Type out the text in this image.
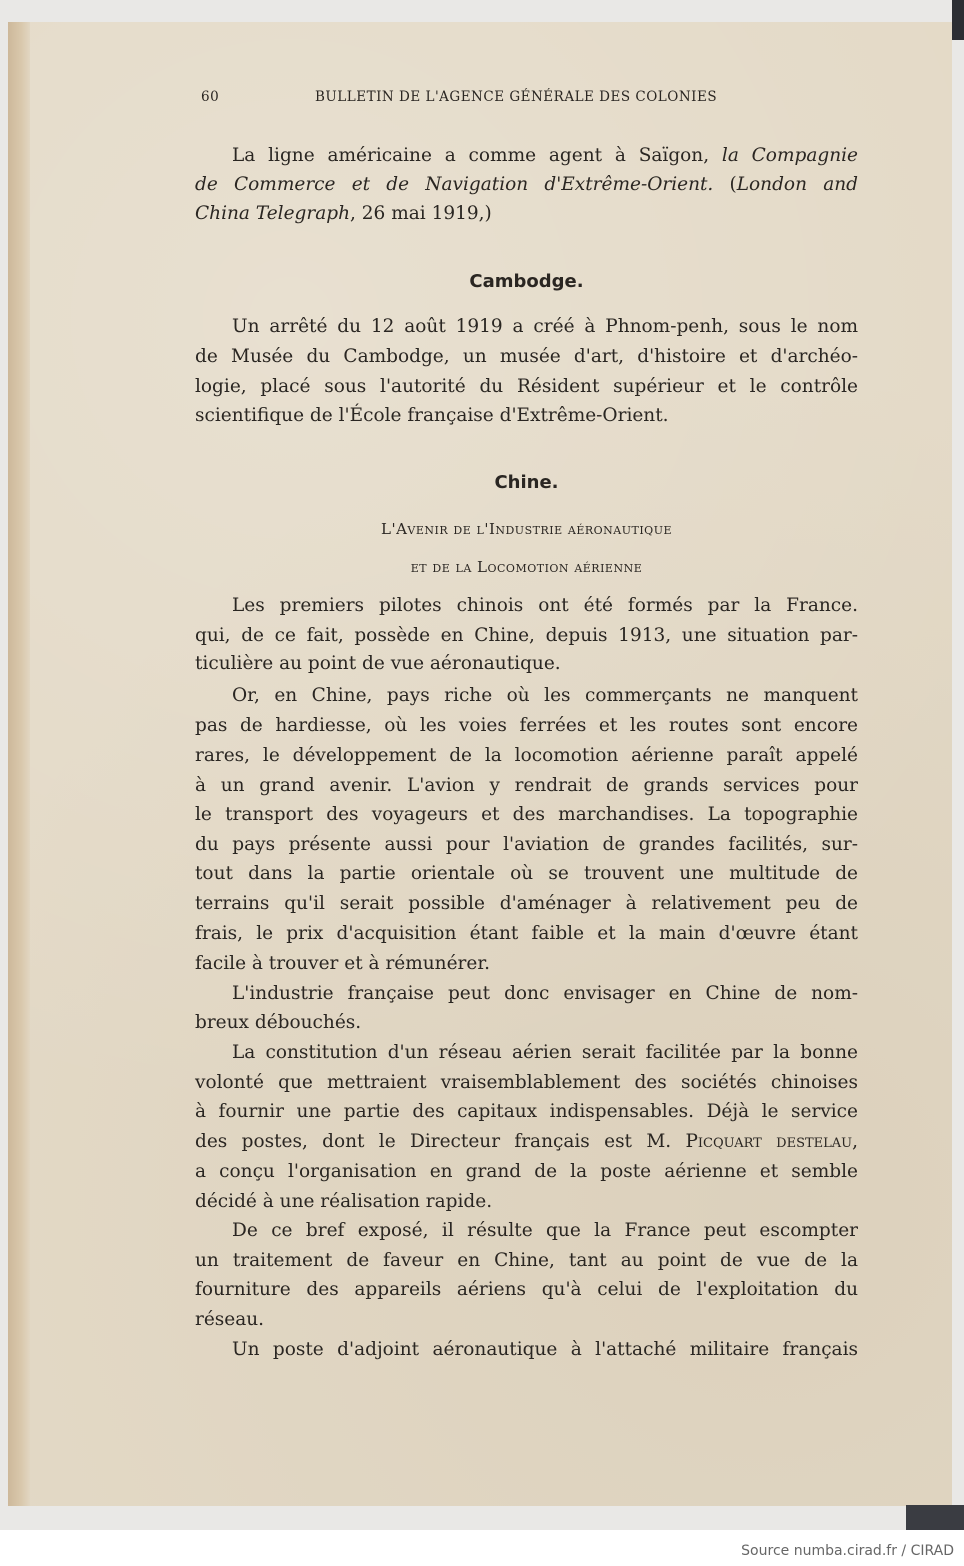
60	BULLETIN DE L'AGENCE GÉNÉRALE DES COLONIES
La ligne américaine a comme agent à Saïgon, la Compagnie
de Commerce et de Navigation d'Extrême-Orient. (London and
China Telegraph, 26 mai 1919,)
Cambodge.
Un arrêté du 12 août 1919 a créé à Phnom-penh, sous le nom
de Musée du Cambodge, un musée d'art, d'histoire et d'archéo-
logie, placé sous l'autorité du Résident supérieur et le contrôle
scientifique de l'École française d'Extrême-Orient.
Chine.
L'Avenir de l'Industrie aéronautique
et de la Locomotion aérienne
Les premiers pilotes chinois ont été formés par la France.
qui, de ce fait, possède en Chine, depuis 1913, une situation par-
ticulière au point de vue aéronautique.
Or, en Chine, pays riche où les commerçants ne manquent
pas de hardiesse, où les voies ferrées et les routes sont encore
rares, le développement de la locomotion aérienne paraît appelé
à un grand avenir. L'avion y rendrait de grands services pour
le transport des voyageurs et des marchandises. La topographie
du pays présente aussi pour l'aviation de grandes facilités, sur-
tout dans la partie orientale où se trouvent une multitude de
terrains qu'il serait possible d'aménager à relativement peu de
frais, le prix d'acquisition étant faible et la main d'œuvre étant
facile à trouver et à rémunérer.
L'industrie française peut donc envisager en Chine de nom-
breux débouchés.
La constitution d'un réseau aérien serait facilitée par la bonne
volonté que mettraient vraisemblablement des sociétés chinoises
à fournir une partie des capitaux indispensables. Déjà le service
des postes, dont le Directeur français est M. Picquart destelau,
a conçu l'organisation en grand de la poste aérienne et semble
décidé à une réalisation rapide.
De ce bref exposé, il résulte que la France peut escompter
un traitement de faveur en Chine, tant au point de vue de la
fourniture des appareils aériens qu'à celui de l'exploitation du
réseau.
Un poste d'adjoint aéronautique à l'attaché militaire français
Source numba.cirad.fr / CIRAD
